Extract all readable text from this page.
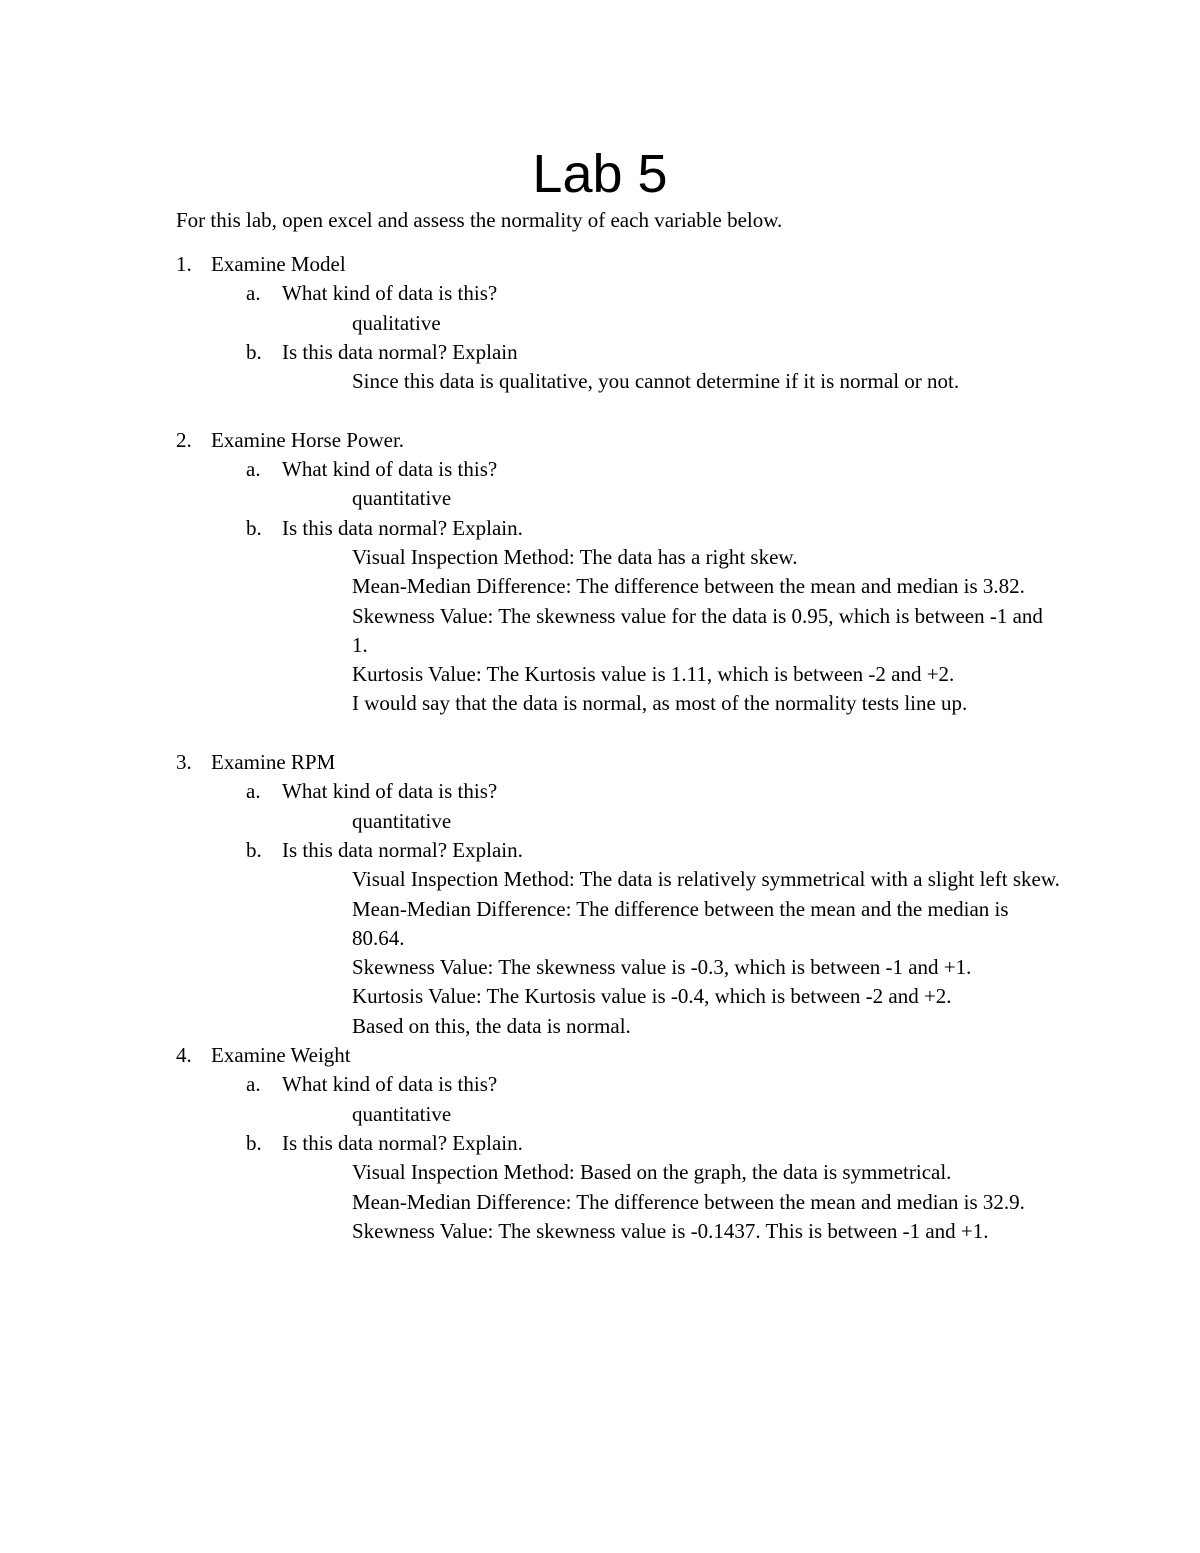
Lab 5
For this lab, open excel and assess the normality of each variable below.
1. Examine Model
a. What kind of data is this?

qualitative

b. Is this data normal? Explain

Since this data is qualitative, you cannot determine if it is normal or not.

2. Examine Horse Power.
a. What kind of data is this?

quantitative

b. Is this data normal? Explain.

Visual Inspection Method: The data has a right skew.

Mean-Median Difference: The difference between the mean and median is 3.82.

Skewness Value: The skewness value for the data is 0.95, which is between -1 and 1.

Kurtosis Value: The Kurtosis value is 1.11, which is between -2 and +2.

I would say that the data is normal, as most of the normality tests line up.

3. Examine RPM
a. What kind of data is this?

quantitative

b. Is this data normal? Explain.

Visual Inspection Method: The data is relatively symmetrical with a slight left skew.

Mean-Median Difference: The difference between the mean and the median is 80.64.

Skewness Value: The skewness value is -0.3, which is between -1 and +1.

Kurtosis Value: The Kurtosis value is -0.4, which is between -2 and +2.

Based on this, the data is normal.

4. Examine Weight
a. What kind of data is this?

quantitative

b. Is this data normal? Explain.

Visual Inspection Method: Based on the graph, the data is symmetrical.

Mean-Median Difference: The difference between the mean and median is 32.9.

Skewness Value: The skewness value is -0.1437. This is between -1 and +1.
